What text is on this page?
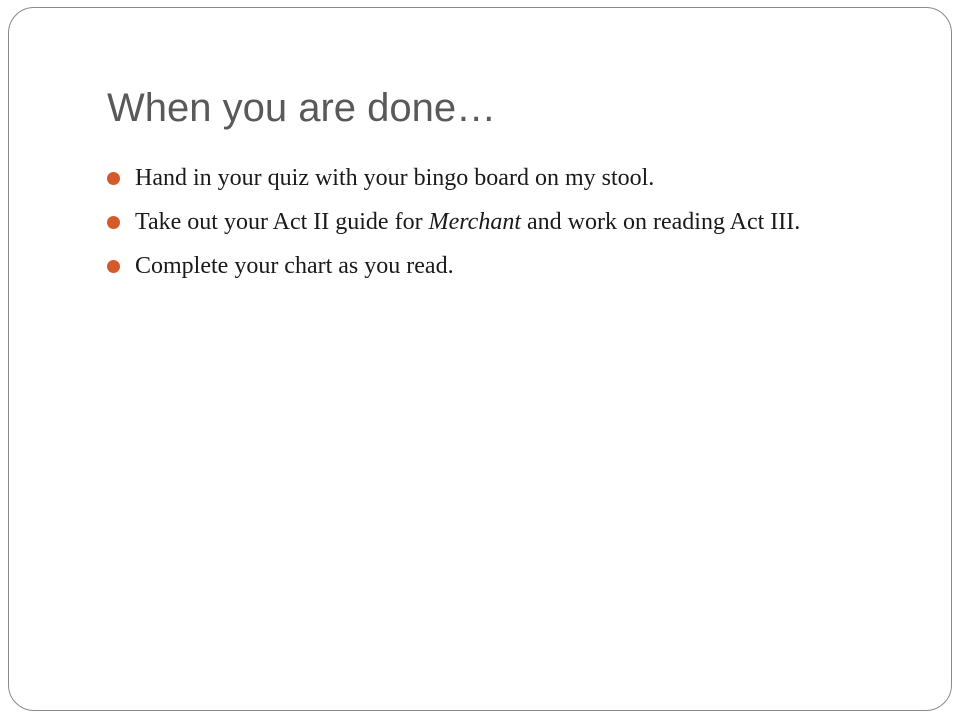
When you are done…
Hand in your quiz with your bingo board on my stool.
Take out your Act II guide for Merchant and work on reading Act III.
Complete your chart as you read.
